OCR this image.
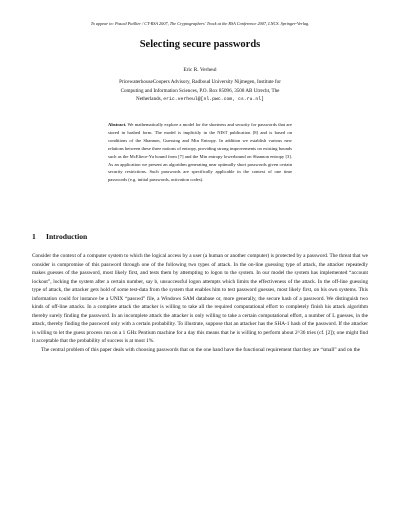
To appear in: Pascal Paillier / CT-RSA 2007, The Cryptographers' Track at the RSA Conference 2007, LNCS. Springer-Verlag.
Selecting secure passwords
Eric R. Verheul
PricewaterhouseCoopers Advisory, Radboud University Nijmegen, Institute for
Computing and Information Sciences, P.O. Box 85096, 3508 AB Utrecht, The
Netherlands, eric.verheul@[nl.pwc.com, cs.ru.nl]
Abstract. We mathematically explore a model for the shortness and security for passwords that are stored in hashed form. The model is implicitly in the NIST publication [8] and is based on conditions of the Shannon, Guessing and Min Entropy. In addition we establish various new relations between these three notions of entropy, providing strong improvements on existing bounds such as the McEliece-Yu bound from [7] and the Min entropy lowerbound on Shannon entropy [3]. As an application we present an algorithm generating near optimally short passwords given certain security restrictions. Such passwords are specifically applicable in the context of one time passwords (e.g. initial passwords, activation codes).
1 Introduction

Consider the context of a computer system to which the logical access by a user (a human or another computer) is protected by a password. The threat that we consider is compromise of this password through one of the following two types of attack. In the on-line guessing type of attack, the attacker repeatedly makes guesses of the password, most likely first, and tests them by attempting to logon to the system. In our model the system has implemented “account lockout”, locking the system after a certain number, say b, unsuccessful logon attempts which limits the effectiveness of the attack. In the off-line guessing type of attack, the attacker gets hold of some test-data from the system that enables him to test password guesses, most likely first, on his own systems. This information could for instance be a UNIX “passwd” file, a Windows SAM database or, more generally, the secure hash of a password. We distinguish two kinds of off-line attacks. In a complete attack the attacker is willing to take all the required computational effort to completely finish his attack algorithm thereby surely finding the password. In an incomplete attack the attacker is only willing to take a certain computational effort, a number of L guesses, in the attack, thereby finding the password only with a certain probability. To illustrate, suppose that an attacker has the SHA-1 hash of the password. If the attacker is willing to let the guess process run on a 1 GHz Pentium machine for a day this means that he is willing to perform about 2^36 tries (cf. [2]); one might find it acceptable that the probability of success is at most 1%.

The central problem of this paper deals with choosing passwords that on the one hand have the functional requirement that they are “small” and on the
